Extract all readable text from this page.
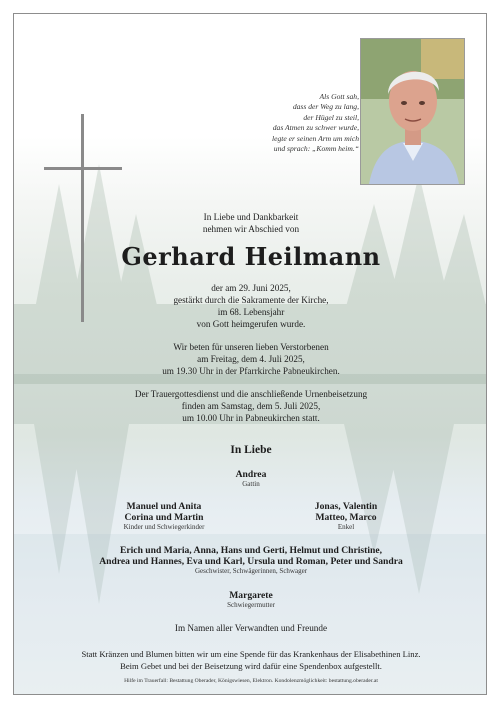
Als Gott sah,
dass der Weg zu lang,
der Hügel zu steil,
das Atmen zu schwer wurde,
legte er seinen Arm um mich
und sprach: „Komm heim.“
In Liebe und Dankbarkeit
nehmen wir Abschied von
Gerhard Heilmann
der am 29. Juni 2025,
gestärkt durch die Sakramente der Kirche,
im 68. Lebensjahr
von Gott heimgerufen wurde.
Wir beten für unseren lieben Verstorbenen
am Freitag, dem 4. Juli 2025,
um 19.30 Uhr in der Pfarrkirche Pabneukirchen.
Der Trauergottesdienst und die anschließende Urnenbeisetzung
finden am Samstag, dem 5. Juli 2025,
um 10.00 Uhr in Pabneukirchen statt.
In Liebe
Andrea
Gattin
Manuel und Anita
Corina und Martin
Kinder und Schwiegerkinder
Jonas, Valentin
Matteo, Marco
Enkel
Erich und Maria, Anna, Hans und Gerti, Helmut und Christine,
Andrea und Hannes, Eva und Karl, Ursula und Roman, Peter und Sandra
Geschwister, Schwägerinnen, Schwager
Margarete
Schwiegermutter
Im Namen aller Verwandten und Freunde
Statt Kränzen und Blumen bitten wir um eine Spende für das Krankenhaus der Elisabethinen Linz.
Beim Gebet und bei der Beisetzung wird dafür eine Spendenbox aufgestellt.
Hilfe im Trauerfall: Bestattung Oberader, Königswiesen, Elektron. Kondolenzmöglichkeit: bestattung.oberader.at
